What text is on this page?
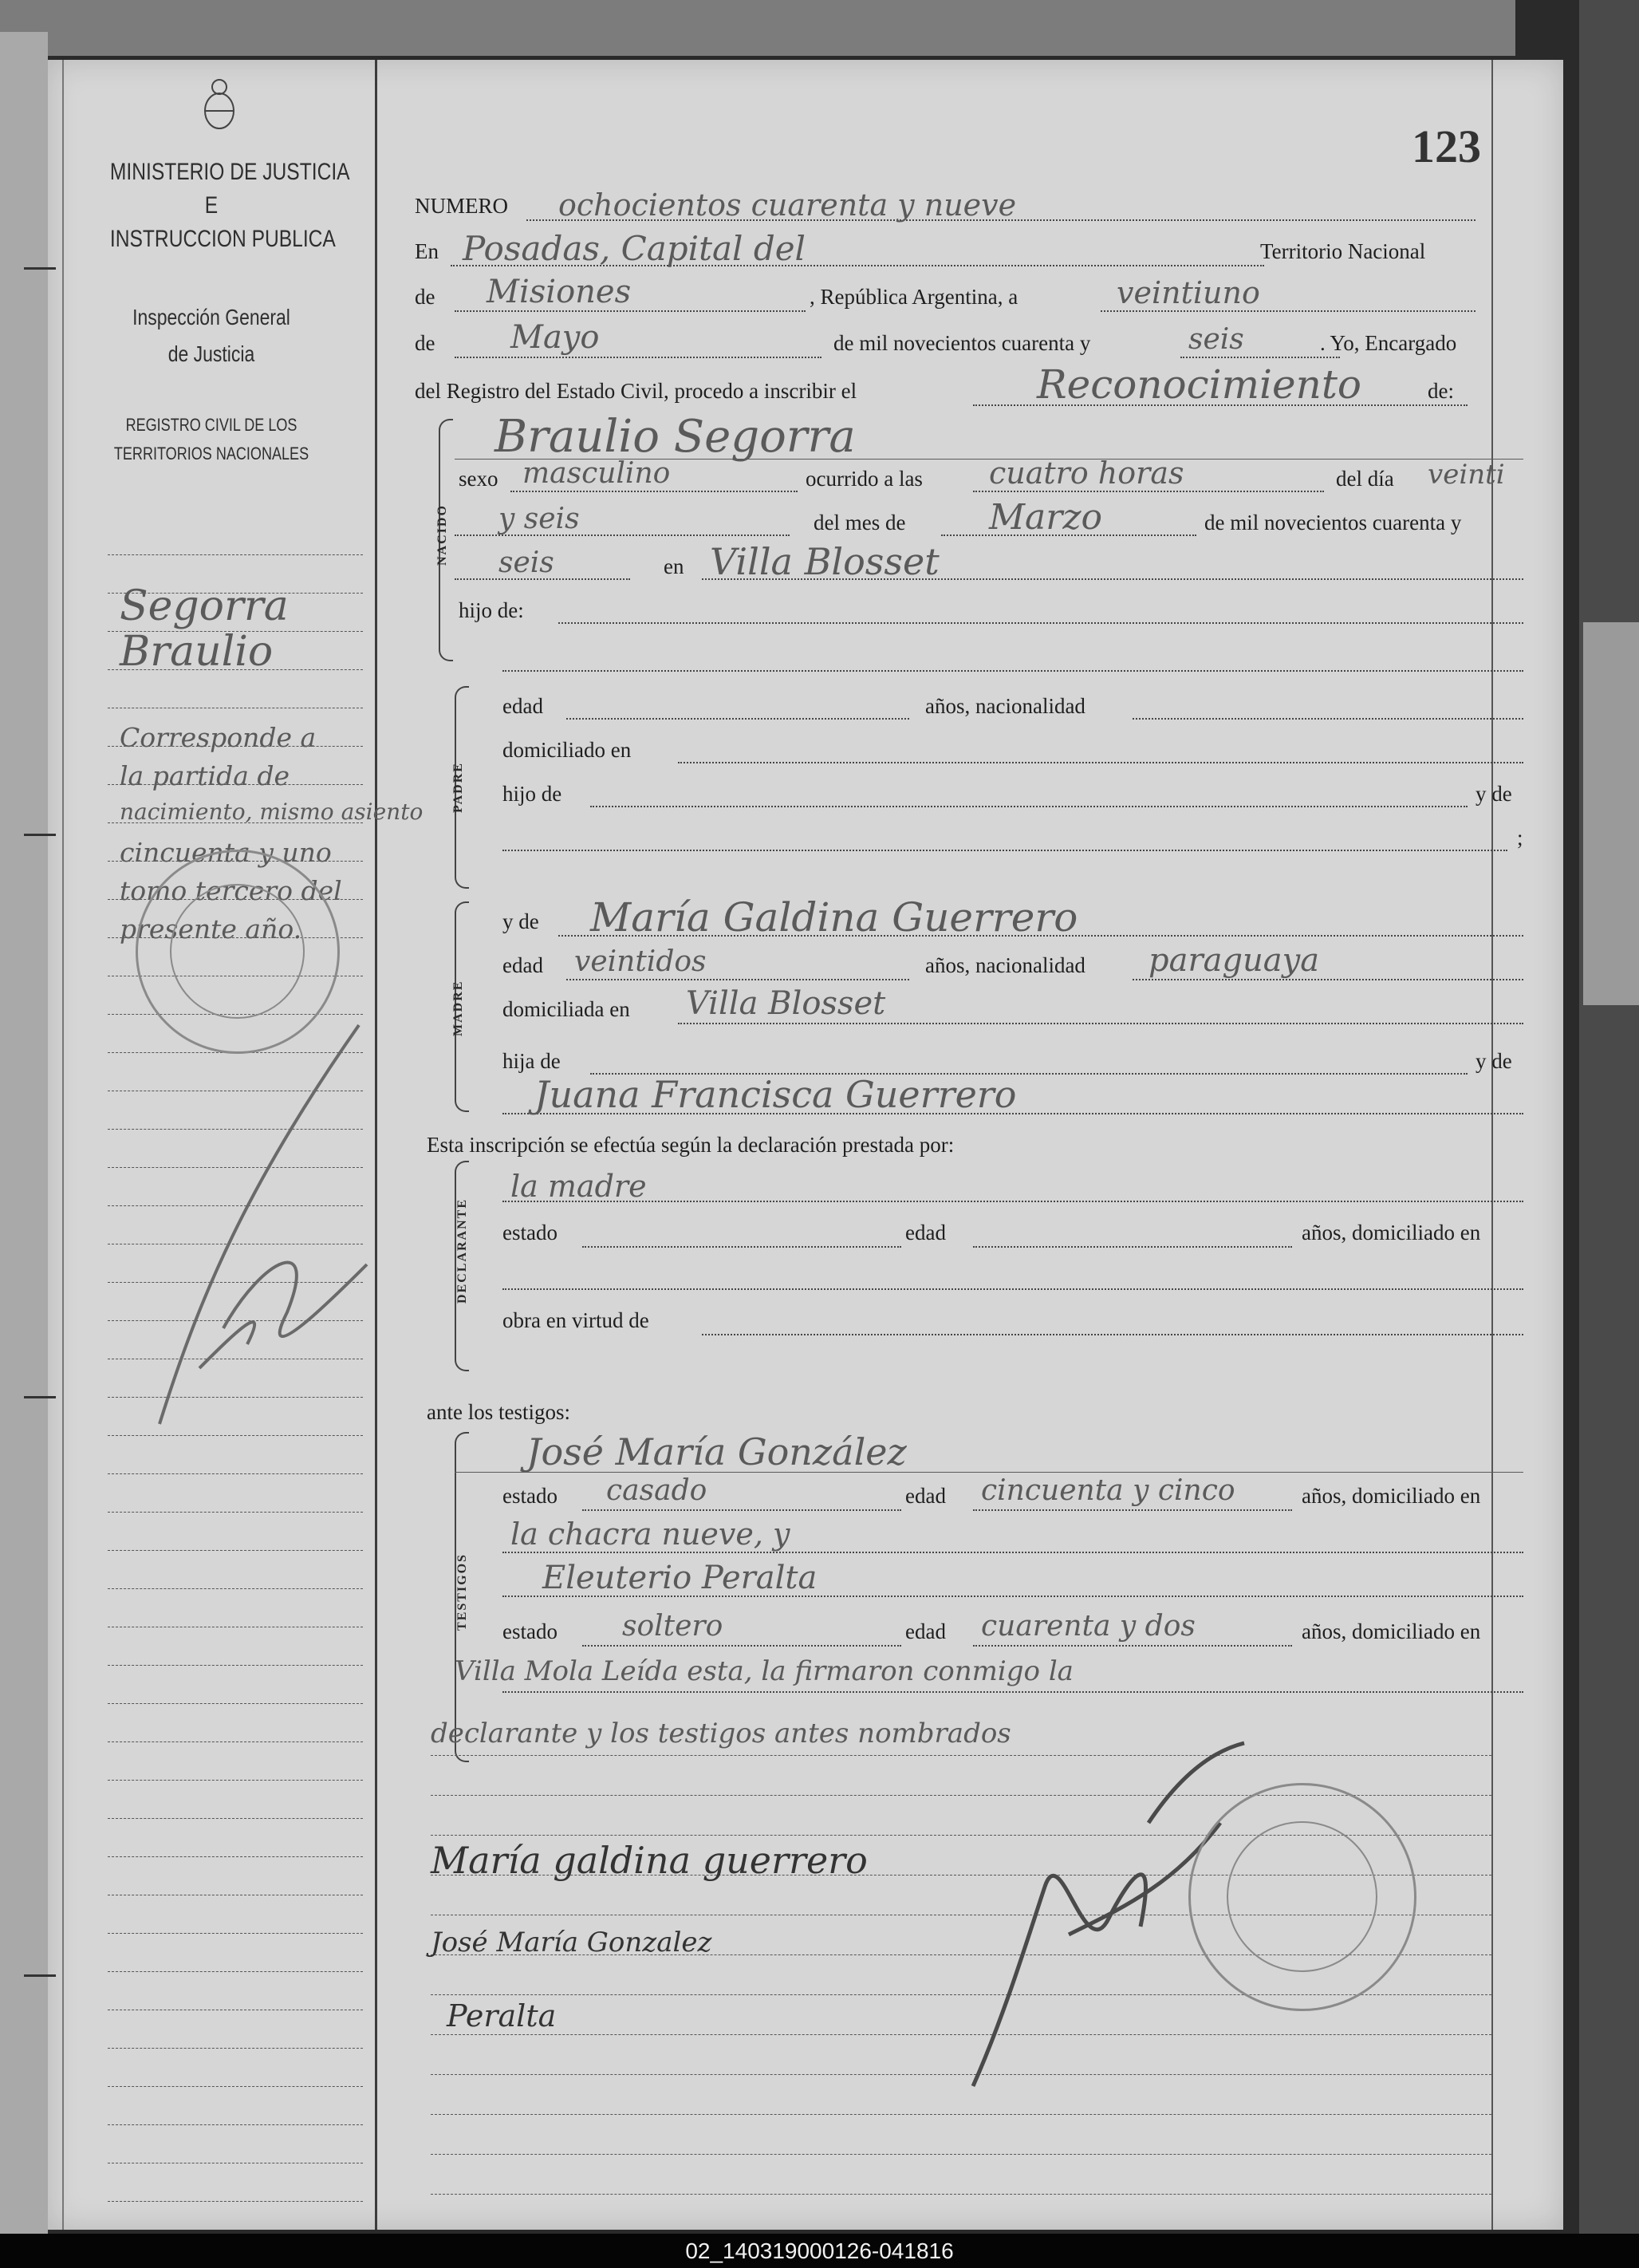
123
MINISTERIO DE JUSTICIA
E
INSTRUCCION PUBLICA
Inspección General
de Justicia
REGISTRO CIVIL DE LOS
TERRITORIOS NACIONALES
Segorra
Braulio
Corresponde a
la partida de
nacimiento, mismo asiento
cincuenta y uno
tomo tercero del
presente año.
NUMERO ochocientos cuarenta y nueve
En Posadas, Capital del	Territorio Nacional
de Misiones	, República Argentina, a	veintiuno
de Mayo	de mil novecientos cuarenta y	seis	. Yo, Encargado
del Registro del Estado Civil, procedo a inscribir el	Reconocimiento	de:
NACIDO
Braulio Segorra
sexo masculino	ocurrido a las cuatro horas	del día veinti
y seis	del mes de Marzo	de mil novecientos cuarenta y
seis	en Villa Blosset
hijo de:
PADRE
edad	años, nacionalidad
domiciliado en
hijo de	y de
;
MADRE
y de María Galdina Guerrero
edad veintidos	años, nacionalidad paraguaya
domiciliada en Villa Blosset
hija de	y de
Juana Francisca Guerrero
Esta inscripción se efectúa según la declaración prestada por:
DECLARANTE
la madre
estado	edad	años, domiciliado en
obra en virtud de
ante los testigos:
TESTIGOS
José María González
estado casado	edad cincuenta y cinco	años, domiciliado en
la chacra nueve, y
Eleuterio Peralta
estado soltero	edad cuarenta y dos	años, domiciliado en
Villa Mola Leída esta, la firmaron conmigo la
declarante y los testigos antes nombrados
María galdina guerrero
José María Gonzalez
Peralta
02_140319000126-041816
